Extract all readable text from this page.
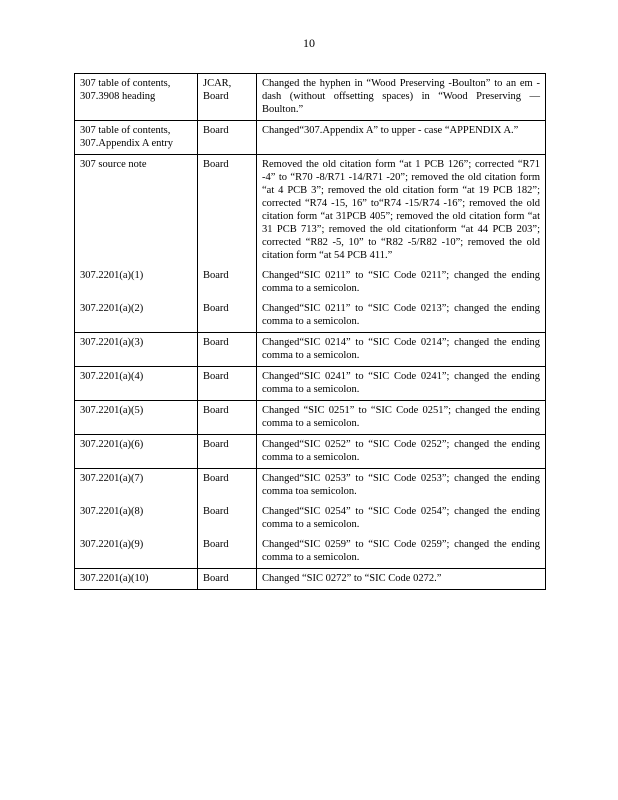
10
307 table of contents, 307.3908 heading	JCAR, Board	Changed the hyphen in “Wood Preserving -Boulton” to an em -dash (without offsetting spaces) in “Wood Preserving — Boulton.”
307 table of contents, 307.Appendix A entry	Board	Changed“307.Appendix A” to upper - case “APPENDIX A.”
307 source note	Board	Removed the old citation form “at 1 PCB 126”; corrected “R71 -4” to “R70 -8/R71 -14/R71 -20”; removed the old citation form “at 4 PCB 3”; removed the old citation form “at 19 PCB 182”; corrected “R74 -15, 16” to“R74 -15/R74 -16”; removed the old citation form “at 31PCB 405”; removed the old citation form “at 31 PCB 713”; removed the old citationform “at 44 PCB 203”; corrected “R82 -5, 10” to “R82 -5/R82 -10”; removed the old citation form “at 54 PCB 411.”
307.2201(a)(1)	Board	Changed“SIC 0211” to “SIC Code 0211”; changed the ending comma to a semicolon.
307.2201(a)(2)	Board	Changed“SIC 0211” to “SIC Code 0213”; changed the ending comma to a semicolon.
307.2201(a)(3)	Board	Changed“SIC 0214” to “SIC Code 0214”; changed the ending comma to a semicolon.
307.2201(a)(4)	Board	Changed“SIC 0241” to “SIC Code 0241”; changed the ending comma to a semicolon.
307.2201(a)(5)	Board	Changed “SIC 0251” to “SIC Code 0251”; changed the ending comma to a semicolon.
307.2201(a)(6)	Board	Changed“SIC 0252” to “SIC Code 0252”; changed the ending comma to a semicolon.
307.2201(a)(7)	Board	Changed“SIC 0253” to “SIC Code 0253”; changed the ending comma toa semicolon.
307.2201(a)(8)	Board	Changed“SIC 0254” to “SIC Code 0254”; changed the ending comma to a semicolon.
307.2201(a)(9)	Board	Changed“SIC 0259” to “SIC Code 0259”; changed the ending comma to a semicolon.
307.2201(a)(10)	Board	Changed “SIC 0272” to “SIC Code 0272.”
